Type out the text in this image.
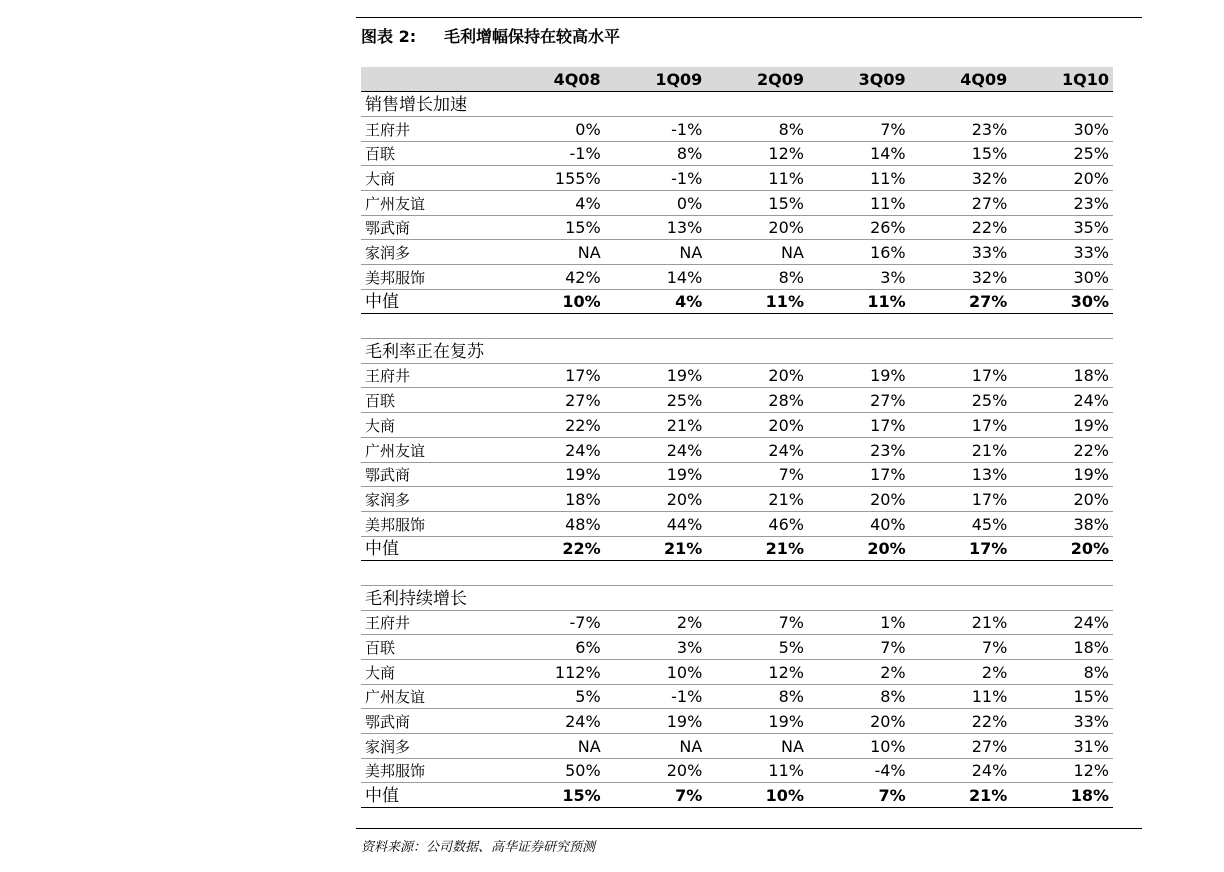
图表 2:     毛利增幅保持在较高水平
	4Q08	1Q09	2Q09	3Q09	4Q09	1Q10
销售增长加速						
王府井	0%	-1%	8%	7%	23%	30%
百联	-1%	8%	12%	14%	15%	25%
大商	155%	-1%	11%	11%	32%	20%
广州友谊	4%	0%	15%	11%	27%	23%
鄂武商	15%	13%	20%	26%	22%	35%
家润多	NA	NA	NA	16%	33%	33%
美邦服饰	42%	14%	8%	3%	32%	30%
中值	10%	4%	11%	11%	27%	30%

毛利率正在复苏						
王府井	17%	19%	20%	19%	17%	18%
百联	27%	25%	28%	27%	25%	24%
大商	22%	21%	20%	17%	17%	19%
广州友谊	24%	24%	24%	23%	21%	22%
鄂武商	19%	19%	7%	17%	13%	19%
家润多	18%	20%	21%	20%	17%	20%
美邦服饰	48%	44%	46%	40%	45%	38%
中值	22%	21%	21%	20%	17%	20%

毛利持续增长						
王府井	-7%	2%	7%	1%	21%	24%
百联	6%	3%	5%	7%	7%	18%
大商	112%	10%	12%	2%	2%	8%
广州友谊	5%	-1%	8%	8%	11%	15%
鄂武商	24%	19%	19%	20%	22%	33%
家润多	NA	NA	NA	10%	27%	31%
美邦服饰	50%	20%	11%	-4%	24%	12%
中值	15%	7%	10%	7%	21%	18%
资料来源：公司数据、高华证券研究预测
